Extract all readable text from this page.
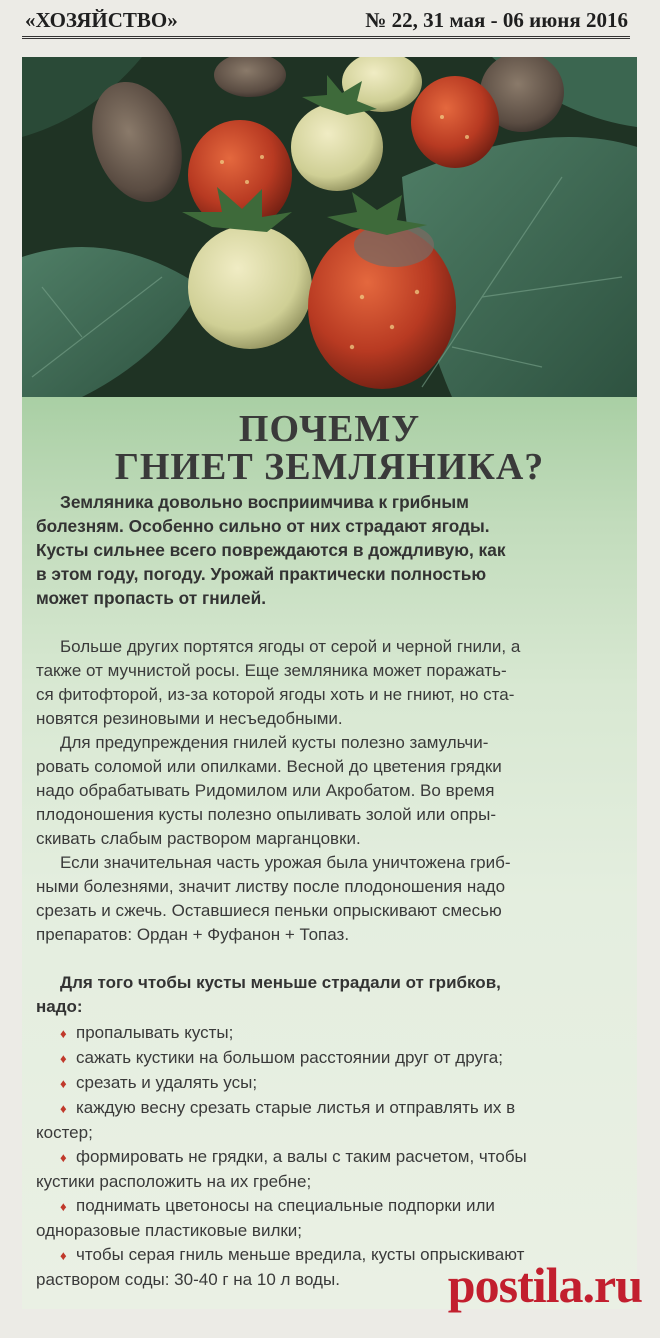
«ХОЗЯЙСТВО»	№ 22, 31 мая - 06 июня 2016
ПОЧЕМУ
ГНИЕТ ЗЕМЛЯНИКА?
Земляника довольно восприимчива к грибным
болезням. Особенно сильно от них страдают ягоды.
Кусты сильнее всего повреждаются в дождливую, как
в этом году, погоду. Урожай практически полностью
может пропасть от гнилей.
Больше других портятся ягоды от серой и черной гнили, а
также от мучнистой росы. Еще земляника может поражать-
ся фитофторой, из-за которой ягоды хоть и не гниют, но ста-
новятся резиновыми и несъедобными.
Для предупреждения гнилей кусты полезно замульчи-
ровать соломой или опилками. Весной до цветения грядки
надо обрабатывать Ридомилом или Акробатом. Во время
плодоношения кусты полезно опыливать золой или опры-
скивать слабым раствором марганцовки.
Если значительная часть урожая была уничтожена гриб-
ными болезнями, значит листву после плодоношения надо
срезать и сжечь. Оставшиеся пеньки опрыскивают смесью
препаратов: Ордан + Фуфанон + Топаз.
Для того чтобы кусты меньше страдали от грибков,
надо:
♦ пропалывать кусты;
♦ сажать кустики на большом расстоянии друг от друга;
♦ срезать и удалять усы;
♦ каждую весну срезать старые листья и отправлять их в
костер;
♦ формировать не грядки, а валы с таким расчетом, чтобы
кустики расположить на их гребне;
♦ поднимать цветоносы на специальные подпорки или
одноразовые пластиковые вилки;
♦ чтобы серая гниль меньше вредила, кусты опрыскивают
раствором соды: 30-40 г на 10 л воды.	postila.ru
